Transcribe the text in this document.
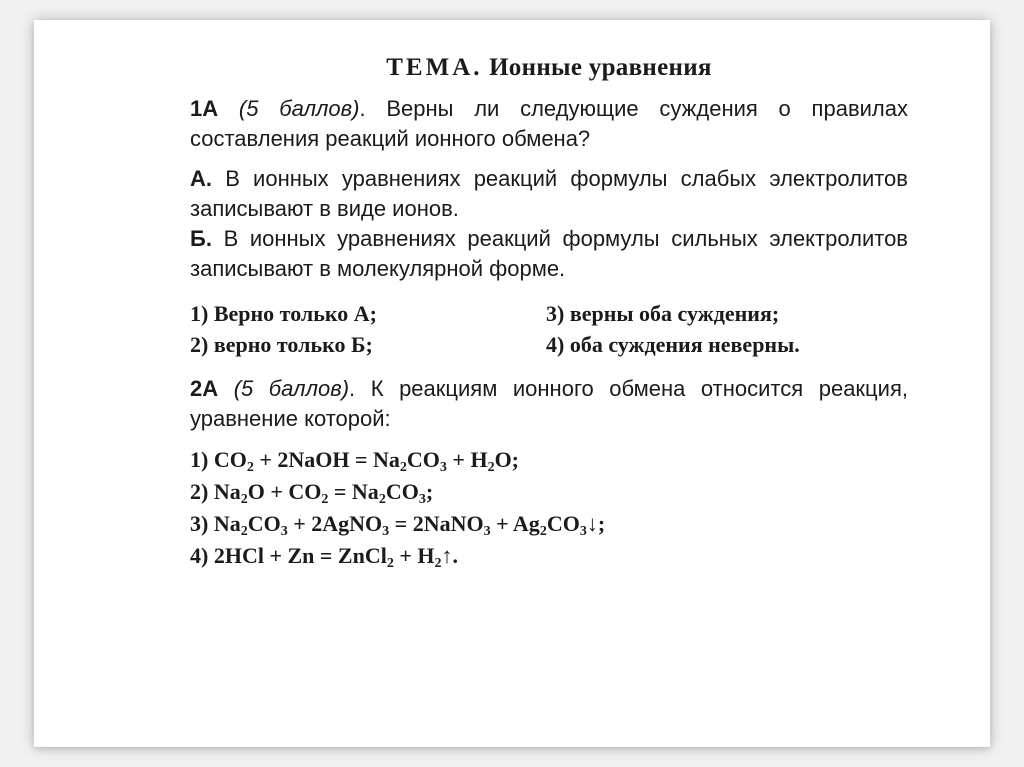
ТЕМА. Ионные уравнения

1А (5 баллов). Верны ли следующие суждения о правилах составления реакций ионного обмена?

А. В ионных уравнениях реакций формулы слабых электролитов записывают в виде ионов.

Б. В ионных уравнениях реакций формулы сильных электролитов записывают в молекулярной форме.

1) Верно только А;	3) верны оба суждения;
2) верно только Б;	4) оба суждения неверны.

2А (5 баллов). К реакциям ионного обмена относится реакция, уравнение которой:

1) $CO_2$ + 2NaOH = $Na_2CO_3 + H_2O$;
2) $Na_2O + CO_2 = Na_2CO_3$;
3) $Na_2CO_3$ + 2AgNO$_3$ = 2NaNO$_3$ + $Ag_2CO_3↓$;
4) 2HCl + Zn = ZnCl$_2$ + $H_2↑$.
